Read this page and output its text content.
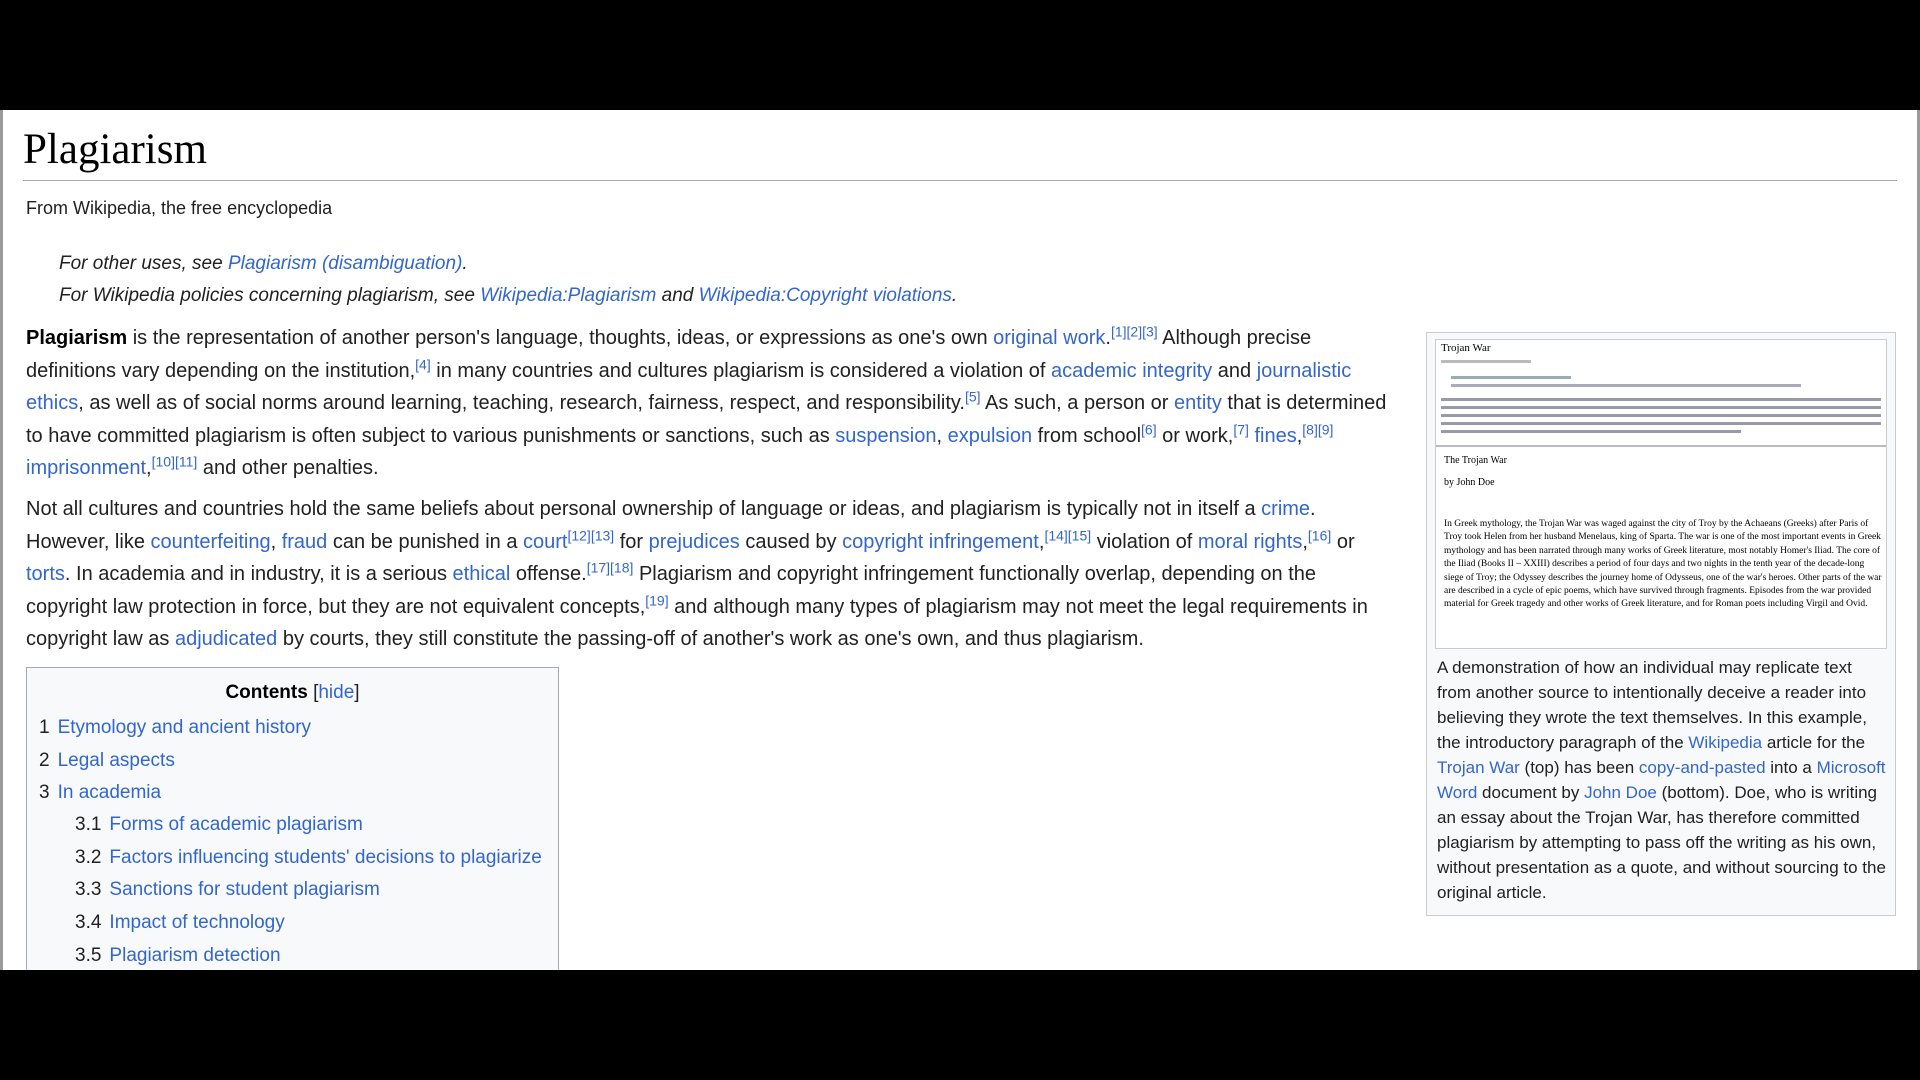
Plagiarism
From Wikipedia, the free encyclopedia
For other uses, see Plagiarism (disambiguation).
For Wikipedia policies concerning plagiarism, see Wikipedia:Plagiarism and Wikipedia:Copyright violations.

Plagiarism is the representation of another person's language, thoughts, ideas, or expressions as one's own original work.[1][2][3] Although precise definitions vary depending on the institution,[4] in many countries and cultures plagiarism is considered a violation of academic integrity and journalistic ethics, as well as of social norms around learning, teaching, research, fairness, respect, and responsibility.[5] As such, a person or entity that is determined to have committed plagiarism is often subject to various punishments or sanctions, such as suspension, expulsion from school[6] or work,[7] fines,[8][9] imprisonment,[10][11] and other penalties.

Not all cultures and countries hold the same beliefs about personal ownership of language or ideas, and plagiarism is typically not in itself a crime. However, like counterfeiting, fraud can be punished in a court[12][13] for prejudices caused by copyright infringement,[14][15] violation of moral rights,[16] or torts. In academia and in industry, it is a serious ethical offense.[17][18] Plagiarism and copyright infringement functionally overlap, depending on the copyright law protection in force, but they are not equivalent concepts,[19] and although many types of plagiarism may not meet the legal requirements in copyright law as adjudicated by courts, they still constitute the passing-off of another's work as one's own, and thus plagiarism.

Contents [hide]
1 Etymology and ancient history
2 Legal aspects
3 In academia
3.1 Forms of academic plagiarism
3.2 Factors influencing students' decisions to plagiarize
3.3 Sanctions for student plagiarism
3.4 Impact of technology
3.5 Plagiarism detection
Trojan War
The Trojan War
by John Doe
In Greek mythology, the Trojan War was waged against the city of Troy by the Achaeans (Greeks) after Paris of Troy took Helen from her husband Menelaus, king of Sparta. The war is one of the most important events in Greek mythology and has been narrated through many works of Greek literature, most notably Homer's Iliad. The core of the Iliad (Books II – XXIII) describes a period of four days and two nights in the tenth year of the decade-long siege of Troy; the Odyssey describes the journey home of Odysseus, one of the war's heroes. Other parts of the war are described in a cycle of epic poems, which have survived through fragments. Episodes from the war provided material for Greek tragedy and other works of Greek literature, and for Roman poets including Virgil and Ovid.
A demonstration of how an individual may replicate text from another source to intentionally deceive a reader into believing they wrote the text themselves. In this example, the introductory paragraph of the Wikipedia article for the Trojan War (top) has been copy-and-pasted into a Microsoft Word document by John Doe (bottom). Doe, who is writing an essay about the Trojan War, has therefore committed plagiarism by attempting to pass off the writing as his own, without presentation as a quote, and without sourcing to the original article.
